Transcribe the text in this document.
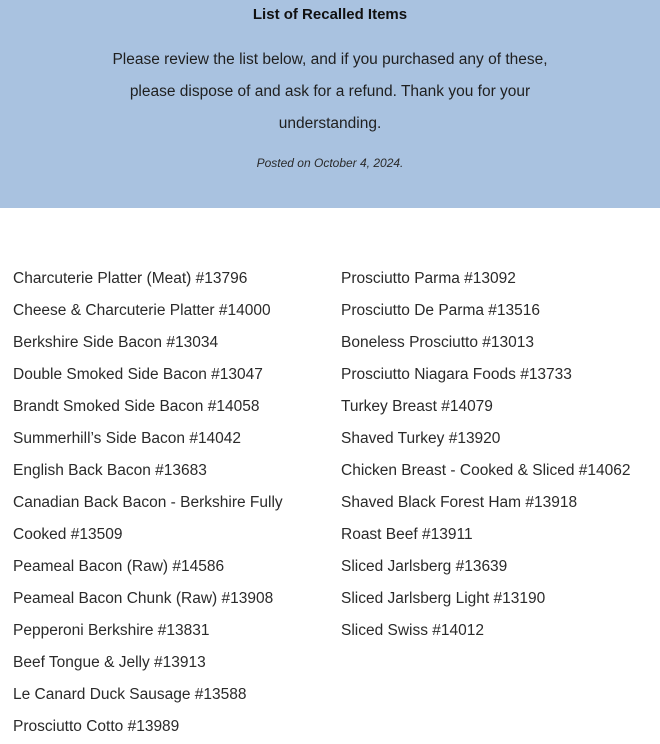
List of Recalled Items
Please review the list below, and if you purchased any of these, please dispose of and ask for a refund. Thank you for your understanding.
Posted on October 4, 2024.
Charcuterie Platter (Meat) #13796
Cheese & Charcuterie Platter #14000
Berkshire Side Bacon #13034
Double Smoked Side Bacon #13047
Brandt Smoked Side Bacon #14058
Summerhill’s Side Bacon #14042
English Back Bacon #13683
Canadian Back Bacon - Berkshire Fully Cooked #13509
Peameal Bacon (Raw) #14586
Peameal Bacon Chunk (Raw) #13908
Pepperoni Berkshire #13831
Beef Tongue & Jelly #13913
Le Canard Duck Sausage #13588
Prosciutto Cotto #13989
Prosciutto Parma #13092
Prosciutto De Parma #13516
Boneless Prosciutto #13013
Prosciutto Niagara Foods #13733
Turkey Breast #14079
Shaved Turkey #13920
Chicken Breast - Cooked & Sliced #14062
Shaved Black Forest Ham #13918
Roast Beef #13911
Sliced Jarlsberg #13639
Sliced Jarlsberg Light #13190
Sliced Swiss #14012
